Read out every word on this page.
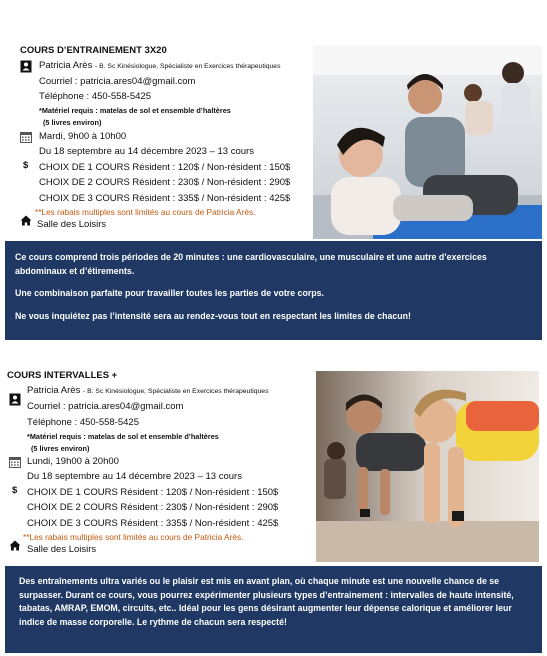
COURS D’ENTRAINEMENT 3X20
Patricia Arès - B. Sc Kinésiologue, Spécialiste en Exercices thérapeutiques
Courriel : patricia.ares04@gmail.com
Téléphone : 450-558-5425
*Matériel requis : matelas de sol et ensemble d’haltères
(5 livres environ)
Mardi, 9h00 à 10h00
Du 18 septembre au 14 décembre 2023 – 13 cours
$ CHOIX DE 1 COURS Résident : 120$ / Non-résident : 150$
CHOIX DE 2 COURS Résident : 230$ / Non-résident : 290$
CHOIX DE 3 COURS Résident : 335$ / Non-résident : 425$
**Les rabais multiples sont limités au cours de Patricia Arès.
Salle des Loisirs

Ce cours comprend trois périodes de 20 minutes : une cardiovasculaire, une musculaire et une autre d’exercices abdominaux et d’étirements.

Une combinaison parfaite pour travailler toutes les parties de votre corps.

Ne vous inquiétez pas l’intensité sera au rendez-vous tout en respectant les limites de chacun!

COURS INTERVALLES +
Patricia Arès - B. Sc Kinésiologue, Spécialiste en Exercices thérapeutiques
Courriel : patricia.ares04@gmail.com
Téléphone : 450-558-5425
*Matériel requis : matelas de sol et ensemble d’haltères
(5 livres environ)
Lundi, 19h00 à 20h00
Du 18 septembre au 14 décembre 2023 – 13 cours
$ CHOIX DE 1 COURS Résident : 120$ / Non-résident : 150$
CHOIX DE 2 COURS Résident : 230$ / Non-résident : 290$
CHOIX DE 3 COURS Résident : 335$ / Non-résident : 425$
**Les rabais multiples sont limités au cours de Patricia Arès.
Salle des Loisirs

Des entraînements ultra variés ou le plaisir est mis en avant plan, où chaque minute est une nouvelle chance de se surpasser. Durant ce cours, vous pourrez expérimenter plusieurs types d’entrainement : intervalles de haute intensité, tabatas, AMRAP, EMOM, circuits, etc.. Idéal pour les gens désirant augmenter leur dépense calorique et améliorer leur indice de masse corporelle. Le rythme de chacun sera respecté!
